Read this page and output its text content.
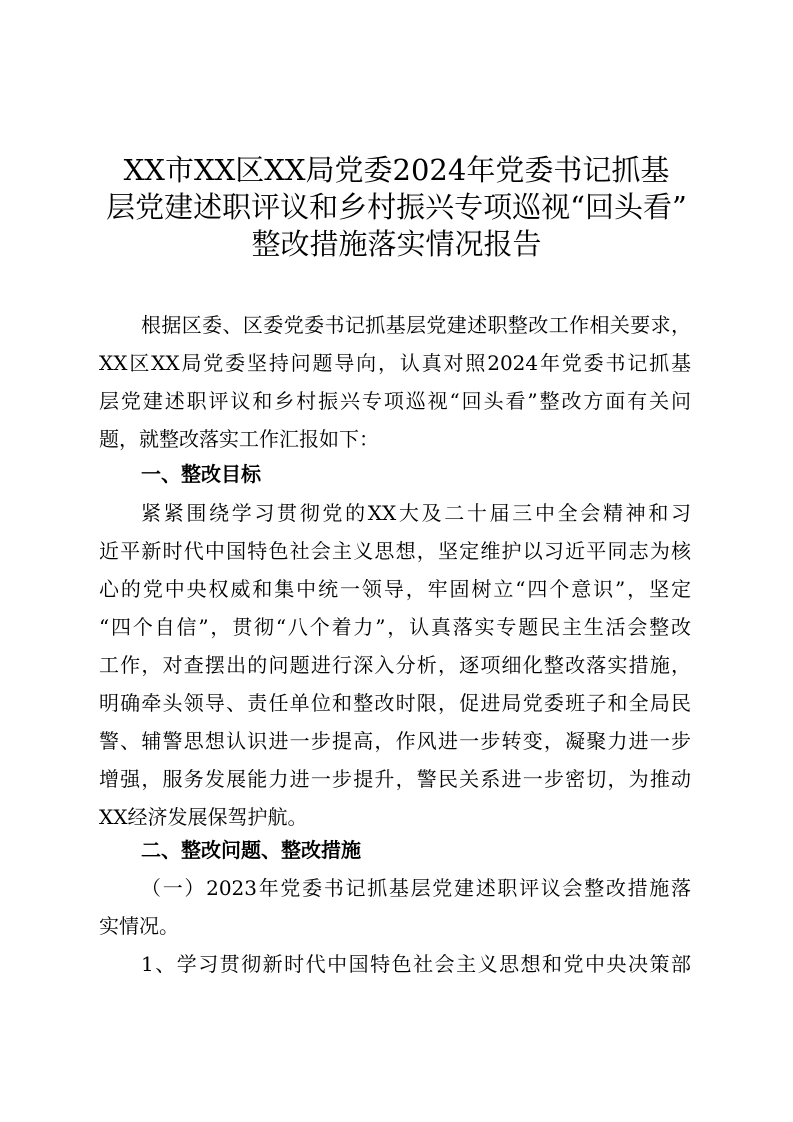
XX市XX区XX局党委2024年党委书记抓基
层党建述职评议和乡村振兴专项巡视“回头看”
整改措施落实情况报告
根据区委、区委党委书记抓基层党建述职整改工作相关要求，
XX区XX局党委坚持问题导向，认真对照2024年党委书记抓基
层党建述职评议和乡村振兴专项巡视“回头看”整改方面有关问
题，就整改落实工作汇报如下：
一、整改目标
紧紧围绕学习贯彻党的XX大及二十届三中全会精神和习
近平新时代中国特色社会主义思想，坚定维护以习近平同志为核
心的党中央权威和集中统一领导，牢固树立“四个意识”，坚定
“四个自信”，贯彻“八个着力”，认真落实专题民主生活会整改
工作，对查摆出的问题进行深入分析，逐项细化整改落实措施，
明确牵头领导、责任单位和整改时限，促进局党委班子和全局民
警、辅警思想认识进一步提高，作风进一步转变，凝聚力进一步
增强，服务发展能力进一步提升，警民关系进一步密切，为推动
XX经济发展保驾护航。
二、整改问题、整改措施
（一）2023年党委书记抓基层党建述职评议会整改措施落
实情况。
1、学习贯彻新时代中国特色社会主义思想和党中央决策部
